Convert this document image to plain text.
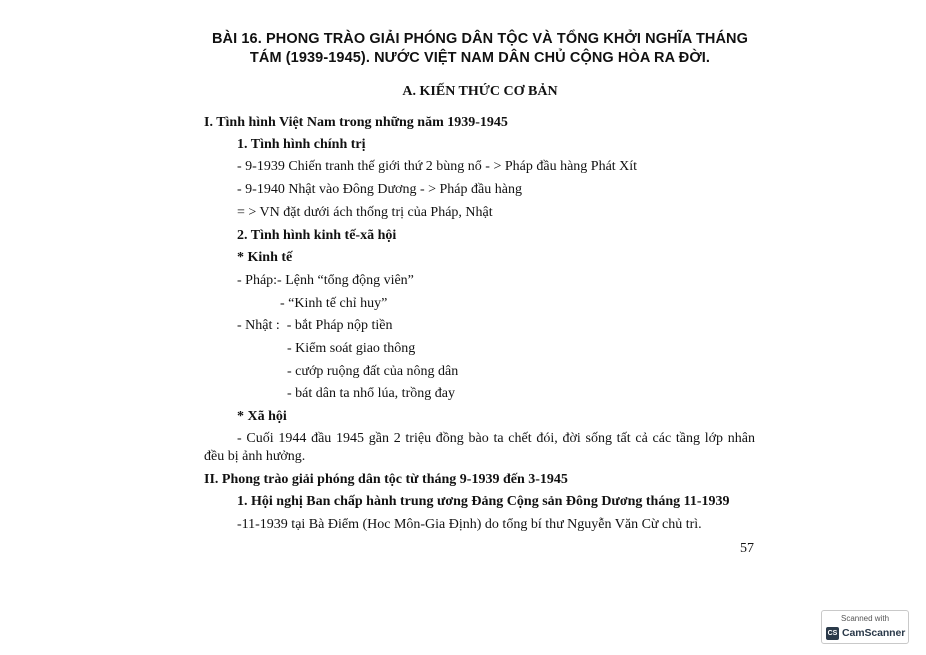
BÀI 16. PHONG TRÀO GIẢI PHÓNG DÂN TỘC VÀ TỔNG KHỞI NGHĨA THÁNG
TÁM (1939-1945). NƯỚC VIỆT NAM DÂN CHỦ CỘNG HÒA RA ĐỜI.
A. KIẾN THỨC CƠ BẢN
I. Tình hình Việt Nam trong những năm 1939-1945
1. Tình hình chính trị
- 9-1939 Chiến tranh thế giới thứ 2 bùng nổ - > Pháp đầu hàng Phát Xít
- 9-1940 Nhật vào Đông Dương - > Pháp đầu hàng
= > VN đặt dưới ách thống trị của Pháp, Nhật
2. Tình hình kinh tế-xã hội
* Kinh tế
- Pháp:- Lệnh “tổng động viên”
- “Kinh tế chỉ huy”
- Nhật :  - bắt Pháp nộp tiền
- Kiểm soát giao thông
- cướp ruộng đất của nông dân
- bát dân ta nhổ lúa, trồng đay
* Xã hội
- Cuối 1944 đầu 1945 gần 2 triệu đồng bào ta chết đói, đời sống tất cả các tầng lớp nhân
đều bị ảnh hưởng.
II. Phong trào giải phóng dân tộc từ tháng 9-1939 đến 3-1945
1. Hội nghị Ban chấp hành trung ương Đảng Cộng sản Đông Dương tháng 11-1939
-11-1939 tại Bà Điểm (Hoc Môn-Gia Định) do tổng bí thư Nguyễn Văn Cừ chủ trì.
57
Scanned with
CS CamScanner
